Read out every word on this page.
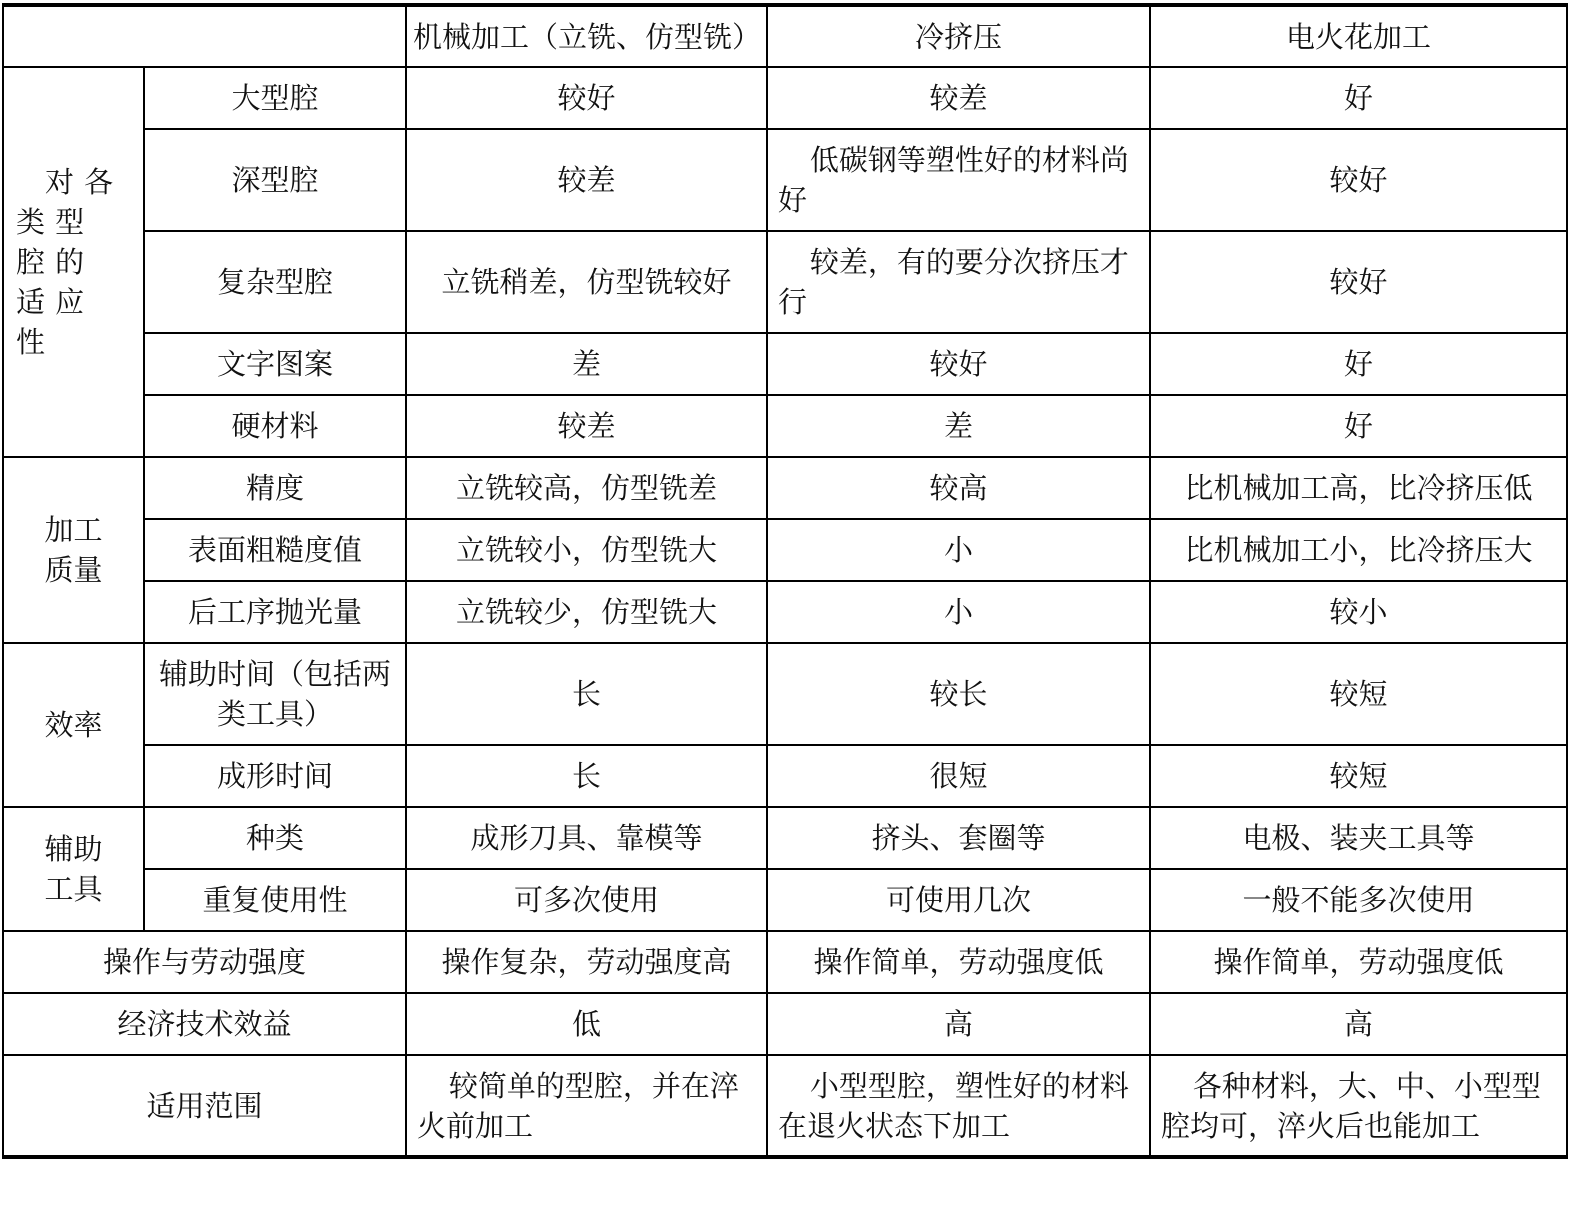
		机械加工（立铣、仿型铣）	冷挤压	电火花加工
对各类型腔的适应性	大型腔	较好	较差	好
	深型腔	较差	低碳钢等塑性好的材料尚好	较好
	复杂型腔	立铣稍差，仿型铣较好	较差，有的要分次挤压才行	较好
	文字图案	差	较好	好
	硬材料	较差	差	好
加工质量	精度	立铣较高，仿型铣差	较高	比机械加工高，比冷挤压低
	表面粗糙度值	立铣较小，仿型铣大	小	比机械加工小，比冷挤压大
	后工序抛光量	立铣较少，仿型铣大	小	较小
效率	辅助时间（包括两类工具）	长	较长	较短
	成形时间	长	很短	较短
辅助工具	种类	成形刀具、靠模等	挤头、套圈等	电极、装夹工具等
	重复使用性	可多次使用	可使用几次	一般不能多次使用
操作与劳动强度		操作复杂，劳动强度高	操作简单，劳动强度低	操作简单，劳动强度低
经济技术效益		低	高	高
适用范围		较简单的型腔，并在淬火前加工	小型型腔，塑性好的材料在退火状态下加工	各种材料，大、中、小型型腔均可，淬火后也能加工
